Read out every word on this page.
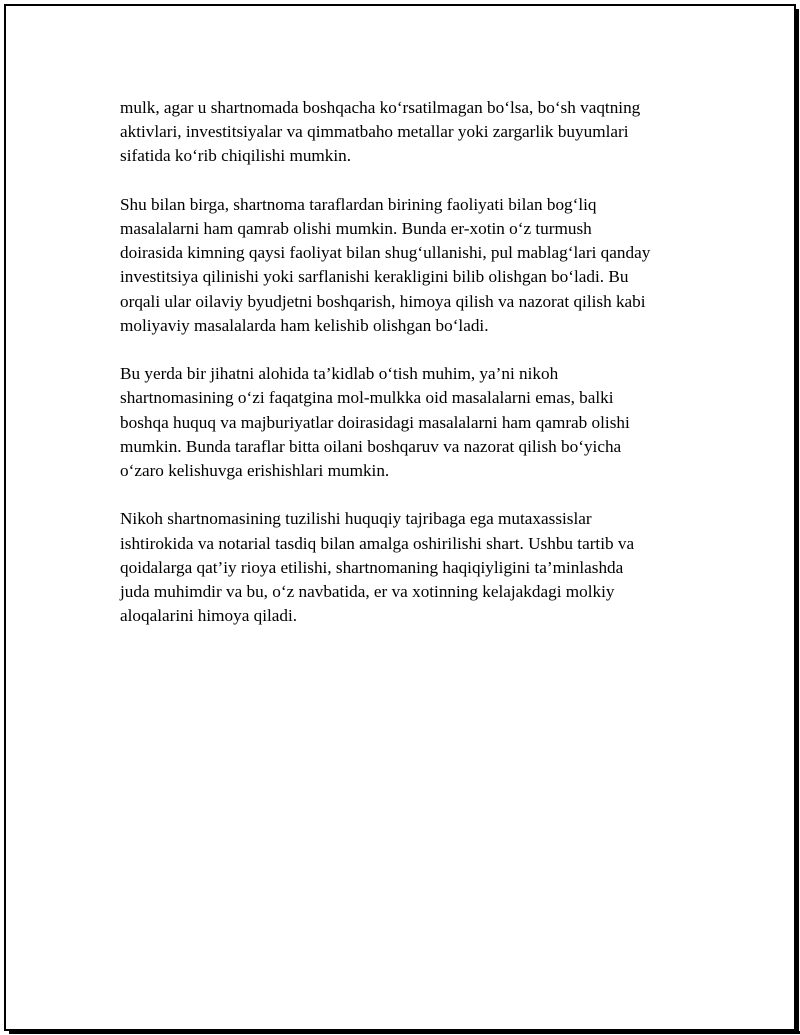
mulk, agar u shartnomada boshqacha ko‘rsatilmagan bo‘lsa, bo‘sh vaqtning
aktivlari, investitsiyalar va qimmatbaho metallar yoki zargarlik buyumlari
sifatida ko‘rib chiqilishi mumkin.

Shu bilan birga, shartnoma taraflardan birining faoliyati bilan bog‘liq
masalalarni ham qamrab olishi mumkin. Bunda er-xotin o‘z turmush
doirasida kimning qaysi faoliyat bilan shug‘ullanishi, pul mablag‘lari qanday
investitsiya qilinishi yoki sarflanishi kerakligini bilib olishgan bo‘ladi. Bu
orqali ular oilaviy byudjetni boshqarish, himoya qilish va nazorat qilish kabi
moliyaviy masalalarda ham kelishib olishgan bo‘ladi.

Bu yerda bir jihatni alohida ta’kidlab o‘tish muhim, ya’ni nikoh
shartnomasining o‘zi faqatgina mol-mulkka oid masalalarni emas, balki
boshqa huquq va majburiyatlar doirasidagi masalalarni ham qamrab olishi
mumkin. Bunda taraflar bitta oilani boshqaruv va nazorat qilish bo‘yicha
o‘zaro kelishuvga erishishlari mumkin.

Nikoh shartnomasining tuzilishi huquqiy tajribaga ega mutaxassislar
ishtirokida va notarial tasdiq bilan amalga oshirilishi shart. Ushbu tartib va
qoidalarga qat’iy rioya etilishi, shartnomaning haqiqiyligini ta’minlashda
juda muhimdir va bu, o‘z navbatida, er va xotinning kelajakdagi molkiy
aloqalarini himoya qiladi.
